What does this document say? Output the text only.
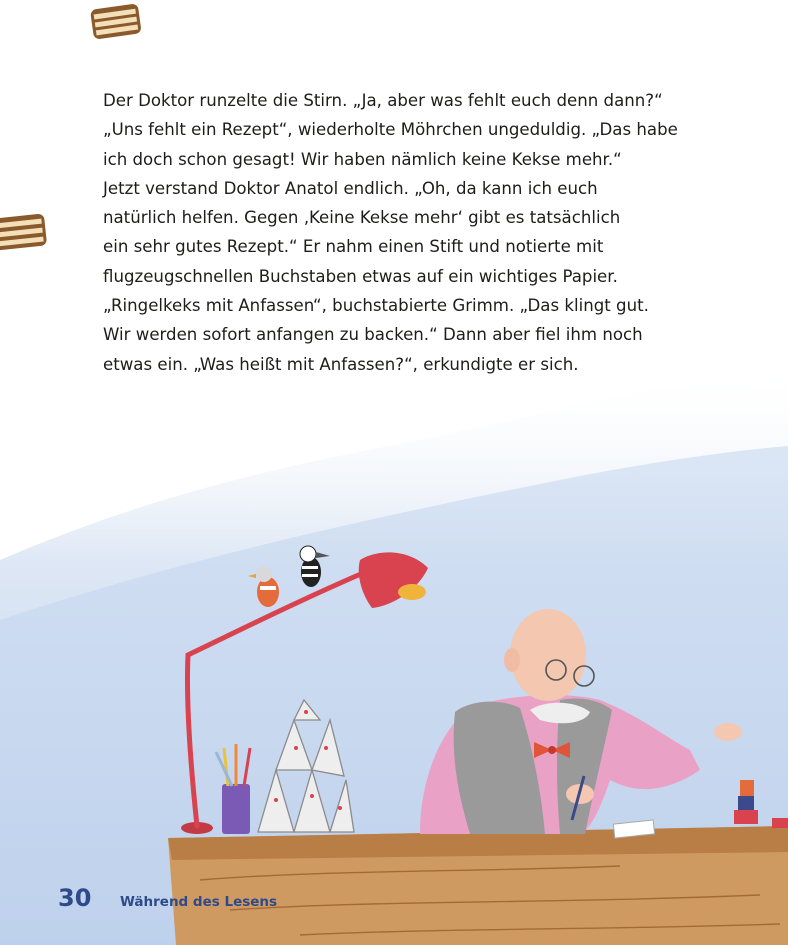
Der Doktor runzelte die Stirn. „Ja, aber was fehlt euch denn dann?“
„Uns fehlt ein Rezept“, wiederholte Möhrchen ungeduldig. „Das habe
ich doch schon gesagt! Wir haben nämlich keine Kekse mehr.“
Jetzt verstand Doktor Anatol endlich. „Oh, da kann ich euch
natürlich helfen. Gegen ‚Keine Kekse mehr‘ gibt es tatsächlich
ein sehr gutes Rezept.“ Er nahm einen Stift und notierte mit
flugzeugschnellen Buchstaben etwas auf ein wichtiges Papier.
„Ringelkeks mit Anfassen“, buchstabierte Grimm. „Das klingt gut.
Wir werden sofort anfangen zu backen.“ Dann aber fiel ihm noch
etwas ein. „Was heißt mit Anfassen?“, erkundigte er sich.
30 Während des Lesens
